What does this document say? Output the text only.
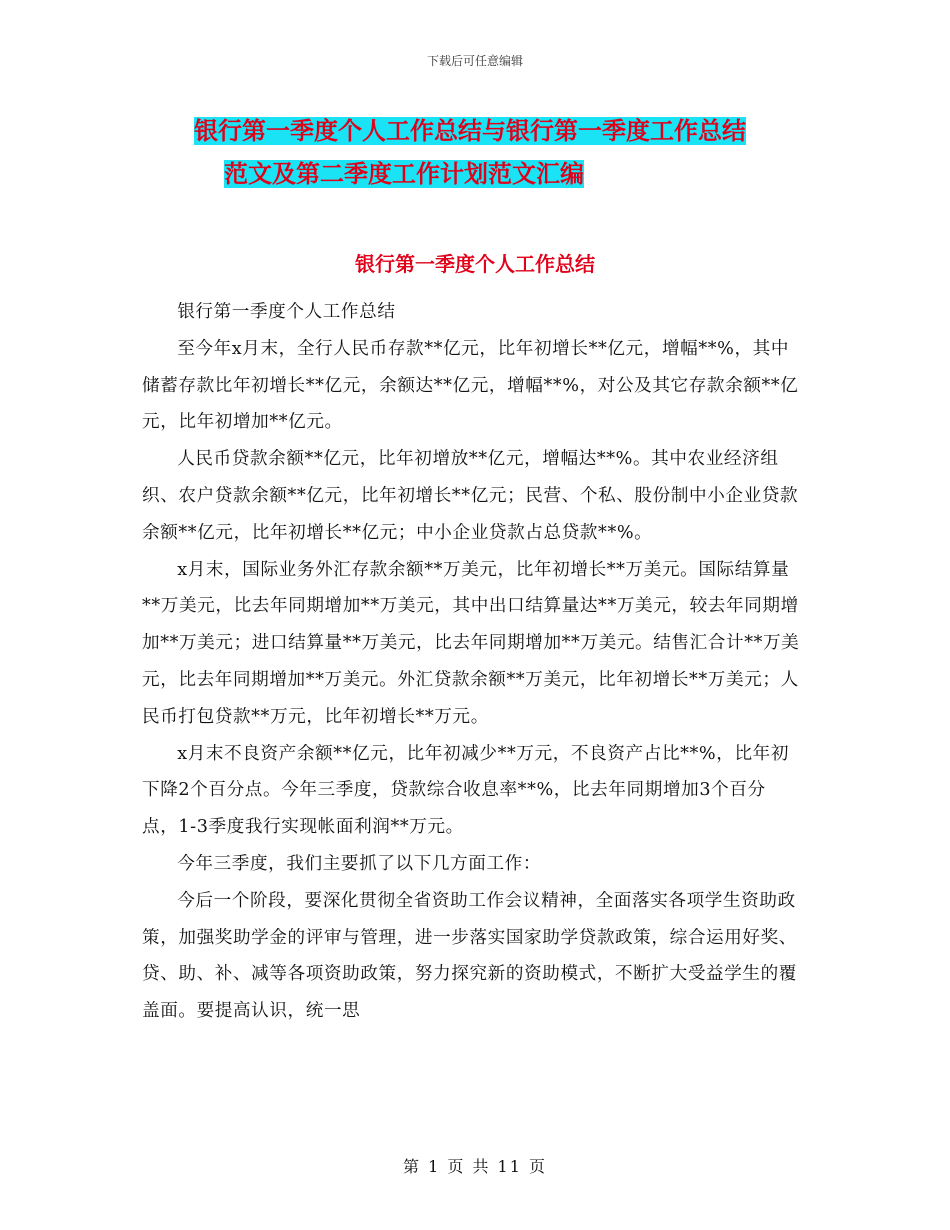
下载后可任意编辑
银行第一季度个人工作总结与银行第一季度工作总结
范文及第二季度工作计划范文汇编
银行第一季度个人工作总结

银行第一季度个人工作总结

至今年x月末，全行人民币存款**亿元，比年初增长**亿元，增幅**%，其中储蓄存款比年初增长**亿元，余额达**亿元，增幅**%，对公及其它存款余额**亿元，比年初增加**亿元。

人民币贷款余额**亿元，比年初增放**亿元，增幅达**%。其中农业经济组织、农户贷款余额**亿元，比年初增长**亿元；民营、个私、股份制中小企业贷款余额**亿元，比年初增长**亿元；中小企业贷款占总贷款**%。

x月末，国际业务外汇存款余额**万美元，比年初增长**万美元。国际结算量**万美元，比去年同期增加**万美元，其中出口结算量达**万美元，较去年同期增加**万美元；进口结算量**万美元，比去年同期增加**万美元。结售汇合计**万美元，比去年同期增加**万美元。外汇贷款余额**万美元，比年初增长**万美元；人民币打包贷款**万元，比年初增长**万元。

x月末不良资产余额**亿元，比年初减少**万元，不良资产占比**%，比年初下降2个百分点。今年三季度，贷款综合收息率**%，比去年同期增加3个百分点，1-3季度我行实现帐面利润**万元。

今年三季度，我们主要抓了以下几方面工作：

今后一个阶段，要深化贯彻全省资助工作会议精神，全面落实各项学生资助政策，加强奖助学金的评审与管理，进一步落实国家助学贷款政策，综合运用好奖、贷、助、补、减等各项资助政策，努力探究新的资助模式，不断扩大受益学生的覆盖面。要提高认识，统一思

第 1 页 共 11 页
